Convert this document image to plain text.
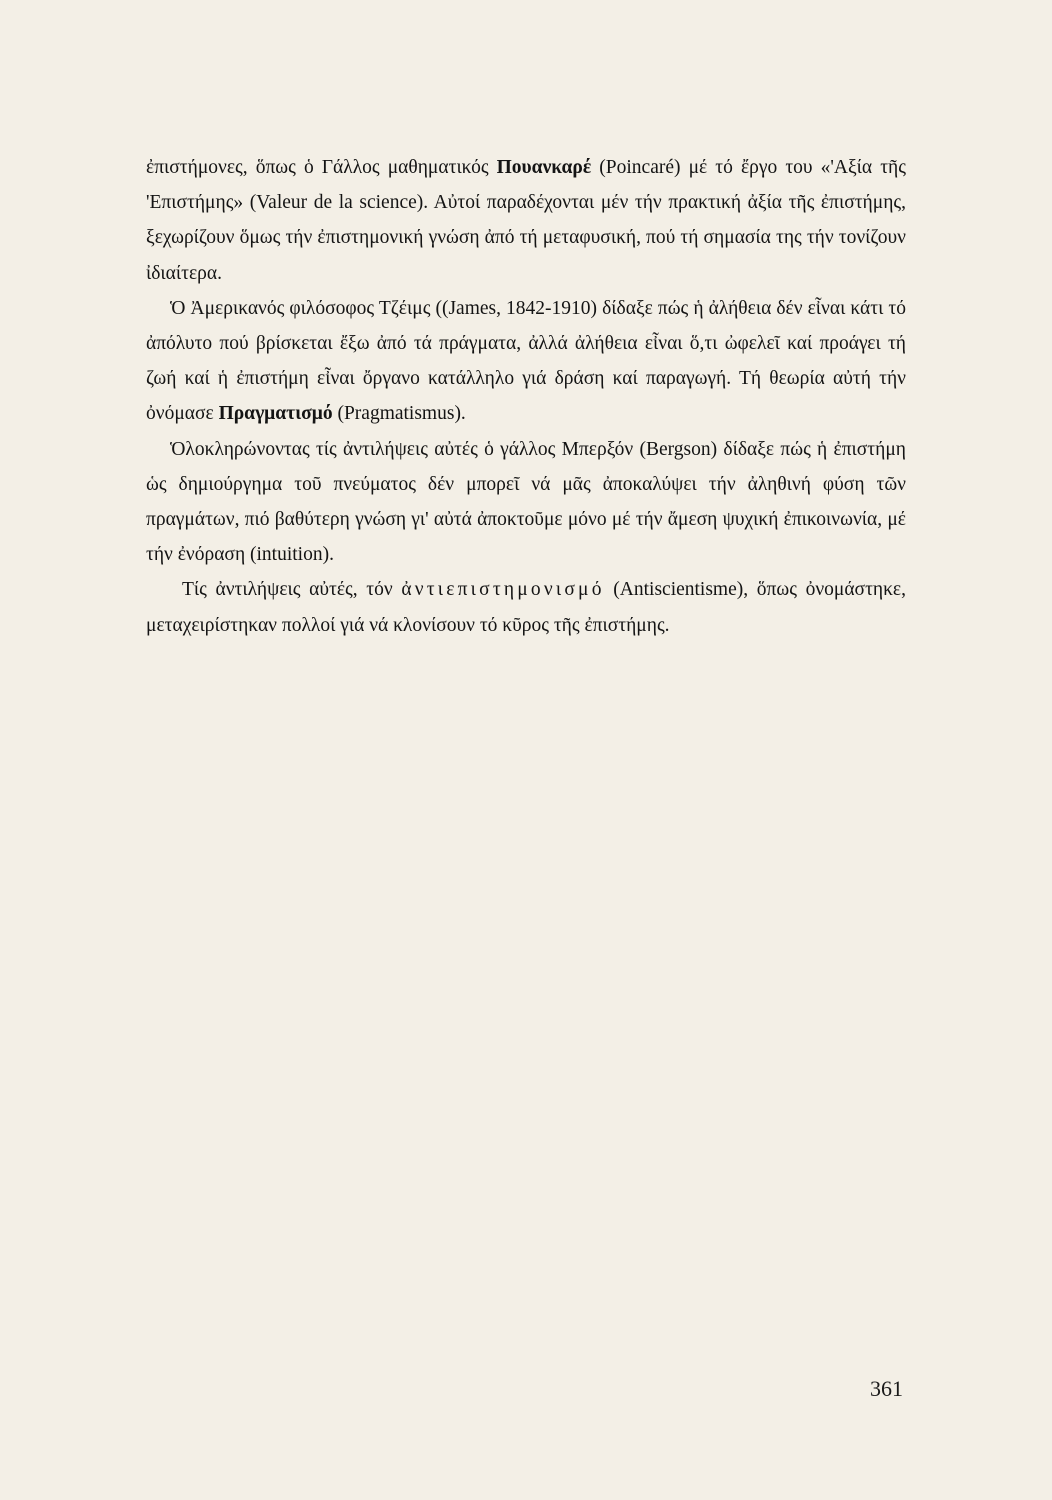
ἐπιστήμονες, ὅπως ὁ Γάλλος μαθηματικός Πουανκαρέ (Poincaré) μέ τό ἔργο του «'Αξία τῆς 'Επιστήμης» (Valeur de la science). Αὐτοί παραδέχονται μέν τήν πρακτική ἀξία τῆς ἐπιστήμης, ξεχωρίζουν ὅμως τήν ἐπιστημονική γνώση ἀπό τή μεταφυσική, πού τή σημασία της τήν τονίζουν ἰδιαίτερα.

Ὁ Ἀμερικανός φιλόσοφος Τζέιμς ((James, 1842-1910) δίδαξε πώς ἡ ἀλήθεια δέν εἶναι κάτι τό ἀπόλυτο πού βρίσκεται ἔξω ἀπό τά πράγματα, ἀλλά ἀλήθεια εἶναι ὅ,τι ὠφελεῖ καί προάγει τή ζωή καί ἡ ἐπιστήμη εἶναι ὄργανο κατάλληλο γιά δράση καί παραγωγή. Τή θεωρία αὐτή τήν ὀνόμασε Πραγματισμό (Pragmatismus).

Ὁλοκληρώνοντας τίς ἀντιλήψεις αὐτές ὁ γάλλος Μπερξόν (Bergson) δίδαξε πώς ἡ ἐπιστήμη ὡς δημιούργημα τοῦ πνεύματος δέν μπορεῖ νά μᾶς ἀποκαλύψει τήν ἀληθινή φύση τῶν πραγμάτων, πιό βαθύτερη γνώση γι' αὐτά ἀποκτοῦμε μόνο μέ τήν ἄμεση ψυχική ἐπικοινωνία, μέ τήν ἐνόραση (intuition).

Τίς ἀντιλήψεις αὐτές, τόν ἀντιεπιστημονισμό (Antiscientisme), ὅπως ὀνομάστηκε, μεταχειρίστηκαν πολλοί γιά νά κλονίσουν τό κῦρος τῆς ἐπιστήμης.

361
